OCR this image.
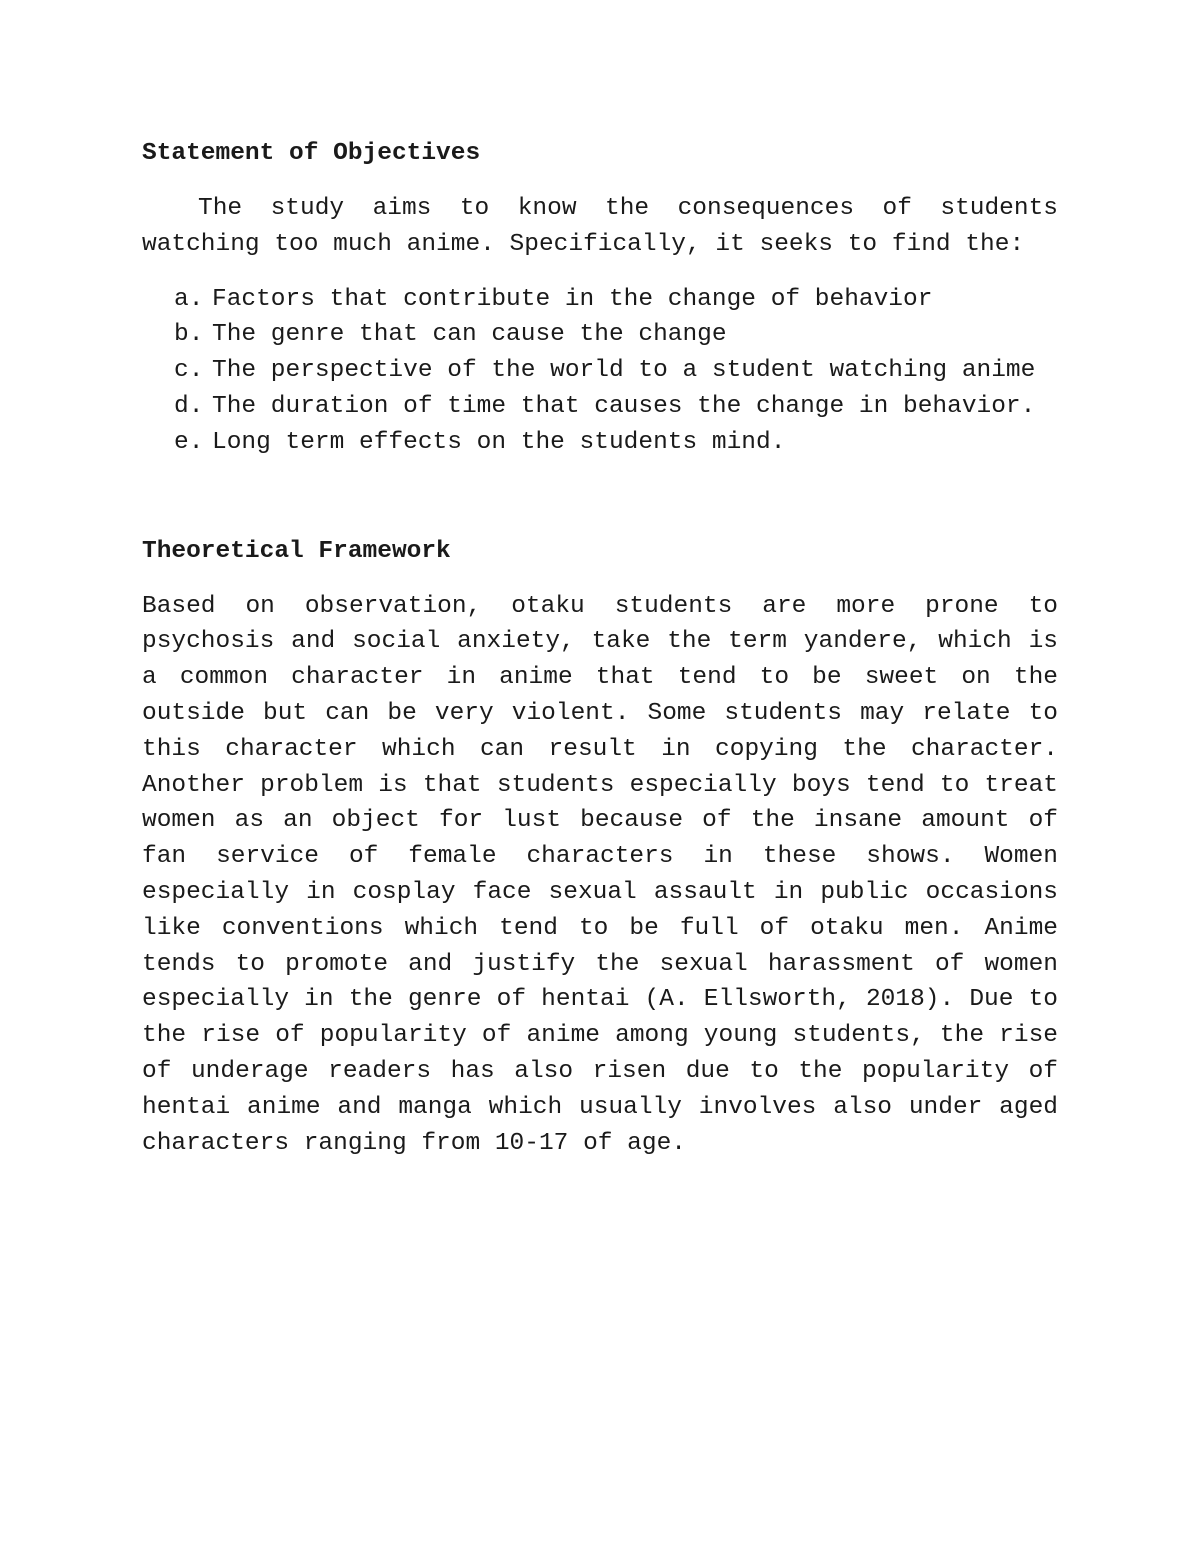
Statement of Objectives

The study aims to know the consequences of students watching too much anime. Specifically, it seeks to find the:

a. Factors that contribute in the change of behavior
b. The genre that can cause the change
c. The perspective of the world to a student watching anime
d. The duration of time that causes the change in behavior.
e. Long term effects on the students mind.
Theoretical Framework

Based on observation, otaku students are more prone to psychosis and social anxiety, take the term yandere, which is a common character in anime that tend to be sweet on the outside but can be very violent. Some students may relate to this character which can result in copying the character. Another problem is that students especially boys tend to treat women as an object for lust because of the insane amount of fan service of female characters in these shows. Women especially in cosplay face sexual assault in public occasions like conventions which tend to be full of otaku men. Anime tends to promote and justify the sexual harassment of women especially in the genre of hentai (A. Ellsworth, 2018). Due to the rise of popularity of anime among young students, the rise of underage readers has also risen due to the popularity of hentai anime and manga which usually involves also under aged characters ranging from 10-17 of age.
